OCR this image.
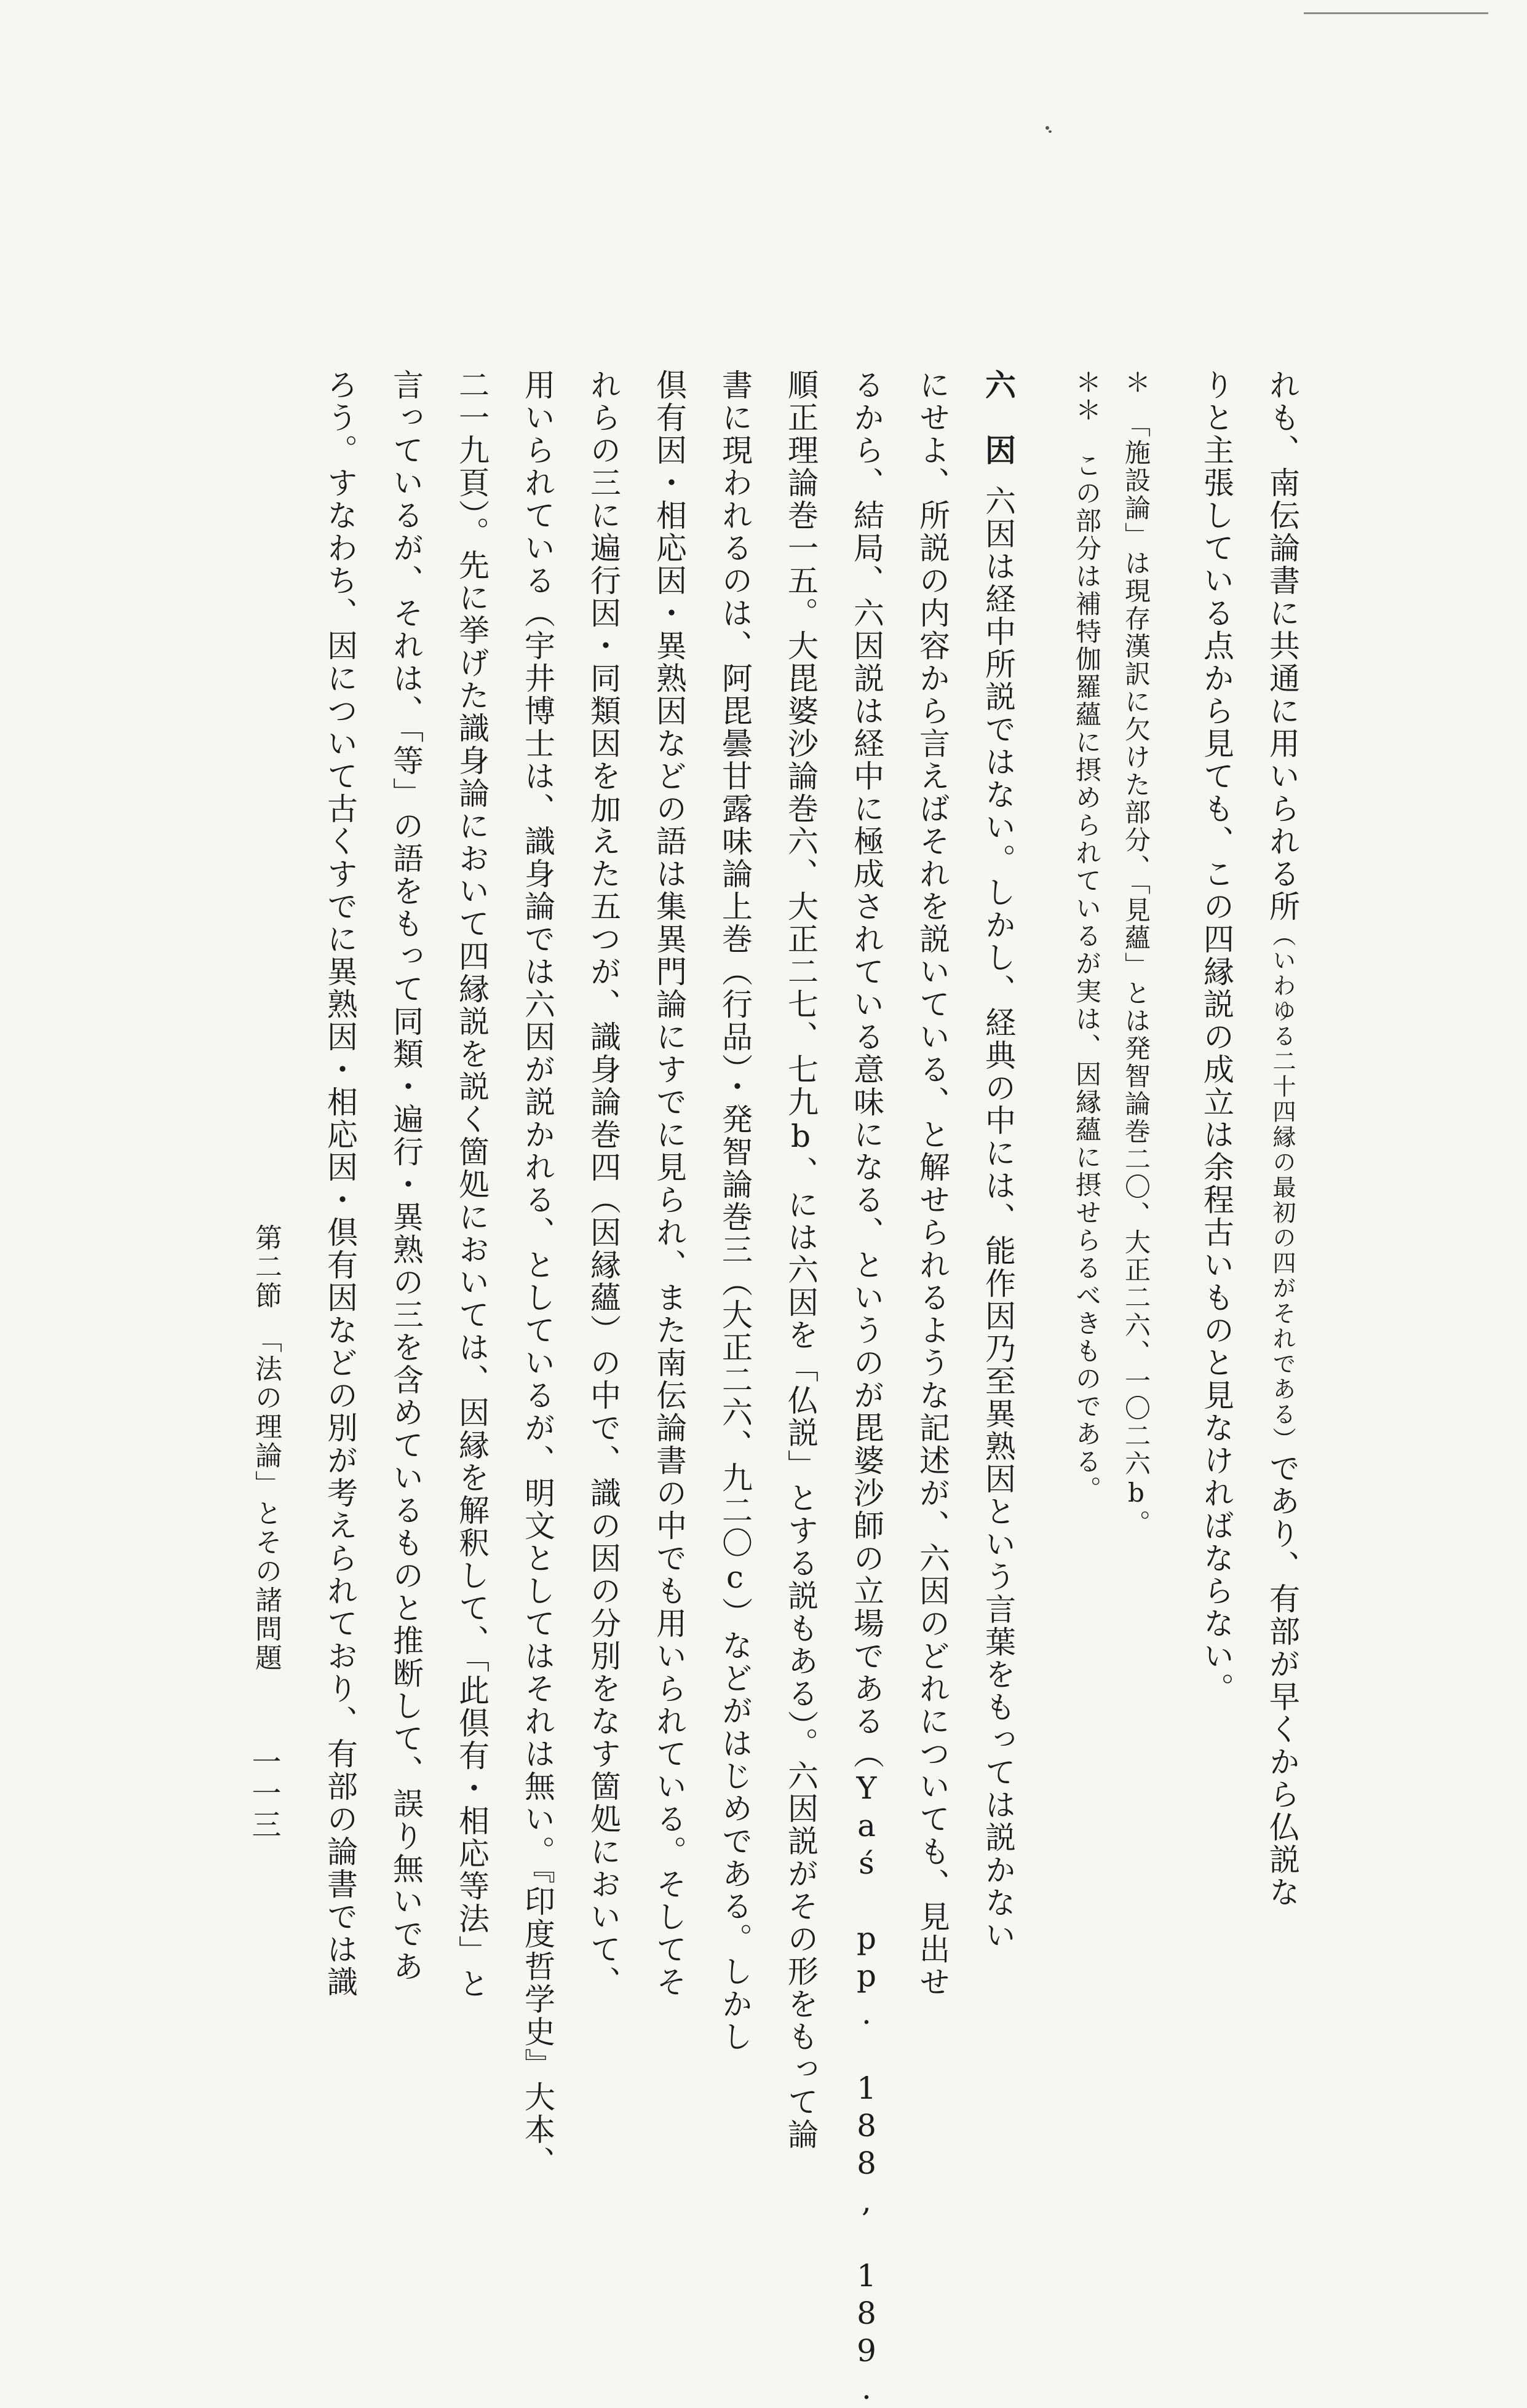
れも、南伝論書に共通に用いられる所（いわゆる二十四縁の最初の四がそれである）であり、有部が早くから仏説な
りと主張している点から見ても、この四縁説の成立は余程古いものと見なければならない。
＊　「施設論」は現存漢訳に欠けた部分、「見蘊」とは発智論巻二〇、大正二六、一〇二六b。
＊＊　この部分は補特伽羅蘊に摂められているが実は、因縁蘊に摂せらるべきものである。
六　因六因は経中所説ではない。しかし、経典の中には、能作因乃至異熟因という言葉をもっては説かない
にせよ、所説の内容から言えばそれを説いている、と解せられるような記述が、六因のどれについても、見出せ
るから、結局、六因説は経中に極成されている意味になる、というのが毘婆沙師の立場である（Yaś pp. 188, 189.
順正理論巻一五。大毘婆沙論巻六、大正二七、七九b、には六因を「仏説」とする説もある）。六因説がその形をもって論
書に現われるのは、阿毘曇甘露味論上巻（行品）・発智論巻三（大正二六、九二〇c）などがはじめである。しかし
倶有因・相応因・異熟因などの語は集異門論にすでに見られ、また南伝論書の中でも用いられている。そしてそ
れらの三に遍行因・同類因を加えた五つが、識身論巻四（因縁蘊）の中で、識の因の分別をなす箇処において、
用いられている（宇井博士は、識身論では六因が説かれる、としているが、明文としてはそれは無い。『印度哲学史』大本、
二一九頁）。先に挙げた識身論において四縁説を説く箇処においては、因縁を解釈して、「此倶有・相応等法」と
言っているが、それは、「等」の語をもって同類・遍行・異熟の三を含めているものと推断して、誤り無いであ
ろう。すなわち、因について古くすでに異熟因・相応因・倶有因などの別が考えられており、有部の論書では識
第二節　「法の理論」とその諸問題
一一三
